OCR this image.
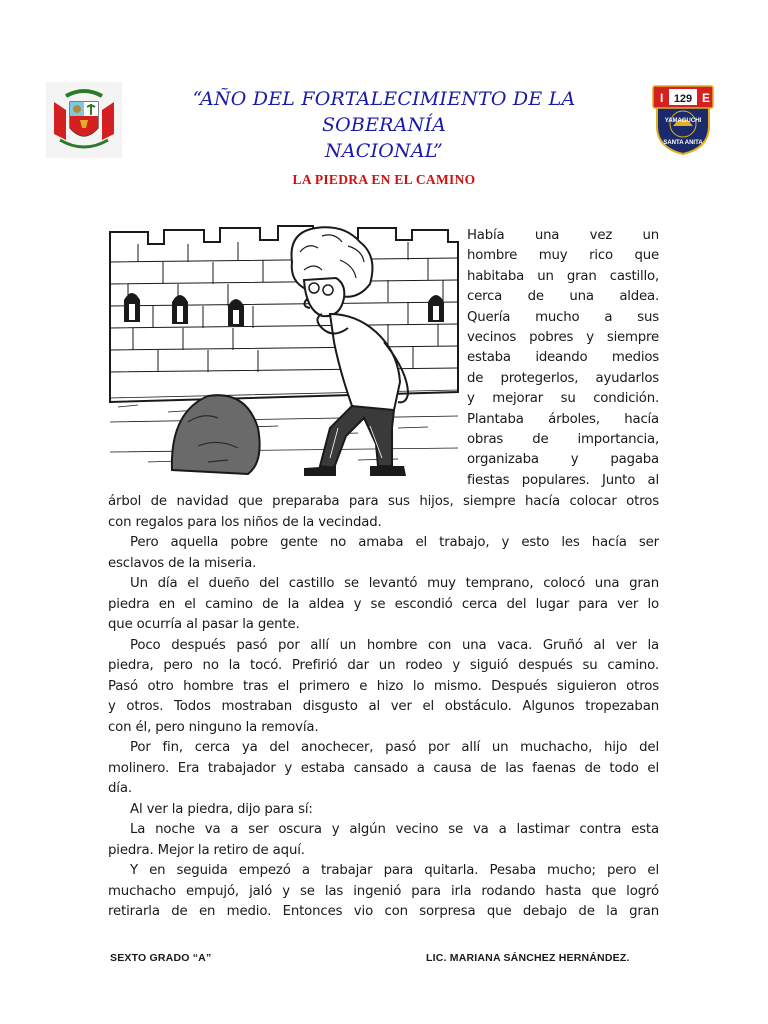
“AÑO DEL FORTALECIMIENTO DE LA SOBERANÍA
NACIONAL”
I 129 E
YAMAGUCHI
SANTA ANITA
LA PIEDRA EN EL CAMINO
Había una vez un
hombre muy rico que
habitaba un gran castillo,
cerca de una aldea.
Quería mucho a sus
vecinos pobres y siempre
estaba ideando medios
de protegerlos, ayudarlos
y mejorar su condición.
Plantaba árboles, hacía
obras de importancia,
organizaba y pagaba
fiestas populares. Junto al
árbol de navidad que preparaba para sus hijos, siempre hacía colocar otros
con regalos para los niños de la vecindad.
Pero aquella pobre gente no amaba el trabajo, y esto les hacía ser
esclavos de la miseria.
Un día el dueño del castillo se levantó muy temprano, colocó una gran
piedra en el camino de la aldea y se escondió cerca del lugar para ver lo
que ocurría al pasar la gente.
Poco después pasó por allí un hombre con una vaca. Gruñó al ver la
piedra, pero no la tocó. Prefirió dar un rodeo y siguió después su camino.
Pasó otro hombre tras el primero e hizo lo mismo. Después siguieron otros
y otros. Todos mostraban disgusto al ver el obstáculo. Algunos tropezaban
con él, pero ninguno la removía.
Por fin, cerca ya del anochecer, pasó por allí un muchacho, hijo del
molinero. Era trabajador y estaba cansado a causa de las faenas de todo el
día.
Al ver la piedra, dijo para sí:
La noche va a ser oscura y algún vecino se va a lastimar contra esta
piedra. Mejor la retiro de aquí.
Y en seguida empezó a trabajar para quitarla. Pesaba mucho; pero el
muchacho empujó, jaló y se las ingenió para irla rodando hasta que logró
retirarla de en medio. Entonces vio con sorpresa que debajo de la gran
SEXTO GRADO “A”	LIC. MARIANA SÁNCHEZ HERNÁNDEZ.
